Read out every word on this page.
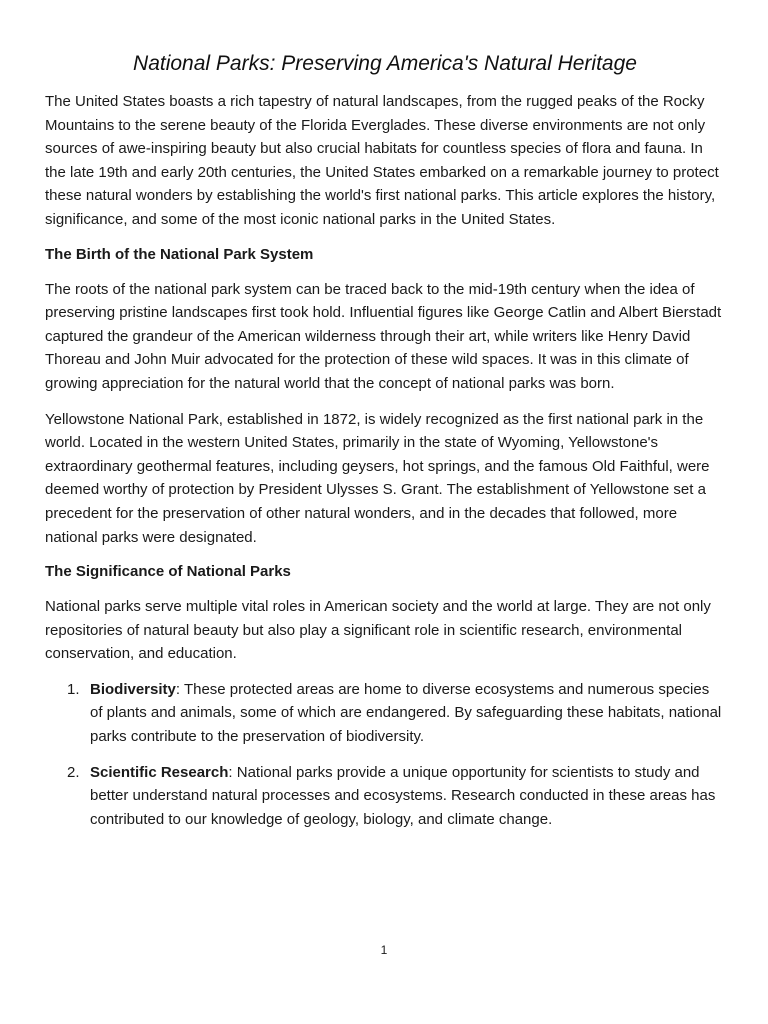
National Parks: Preserving America's Natural Heritage

The United States boasts a rich tapestry of natural landscapes, from the rugged peaks of the Rocky Mountains to the serene beauty of the Florida Everglades. These diverse environments are not only sources of awe-inspiring beauty but also crucial habitats for countless species of flora and fauna. In the late 19th and early 20th centuries, the United States embarked on a remarkable journey to protect these natural wonders by establishing the world's first national parks. This article explores the history, significance, and some of the most iconic national parks in the United States.

The Birth of the National Park System

The roots of the national park system can be traced back to the mid-19th century when the idea of preserving pristine landscapes first took hold. Influential figures like George Catlin and Albert Bierstadt captured the grandeur of the American wilderness through their art, while writers like Henry David Thoreau and John Muir advocated for the protection of these wild spaces. It was in this climate of growing appreciation for the natural world that the concept of national parks was born.

Yellowstone National Park, established in 1872, is widely recognized as the first national park in the world. Located in the western United States, primarily in the state of Wyoming, Yellowstone's extraordinary geothermal features, including geysers, hot springs, and the famous Old Faithful, were deemed worthy of protection by President Ulysses S. Grant. The establishment of Yellowstone set a precedent for the preservation of other natural wonders, and in the decades that followed, more national parks were designated.

The Significance of National Parks

National parks serve multiple vital roles in American society and the world at large. They are not only repositories of natural beauty but also play a significant role in scientific research, environmental conservation, and education.

1. Biodiversity: These protected areas are home to diverse ecosystems and numerous species of plants and animals, some of which are endangered. By safeguarding these habitats, national parks contribute to the preservation of biodiversity.
2. Scientific Research: National parks provide a unique opportunity for scientists to study and better understand natural processes and ecosystems. Research conducted in these areas has contributed to our knowledge of geology, biology, and climate change.
1
